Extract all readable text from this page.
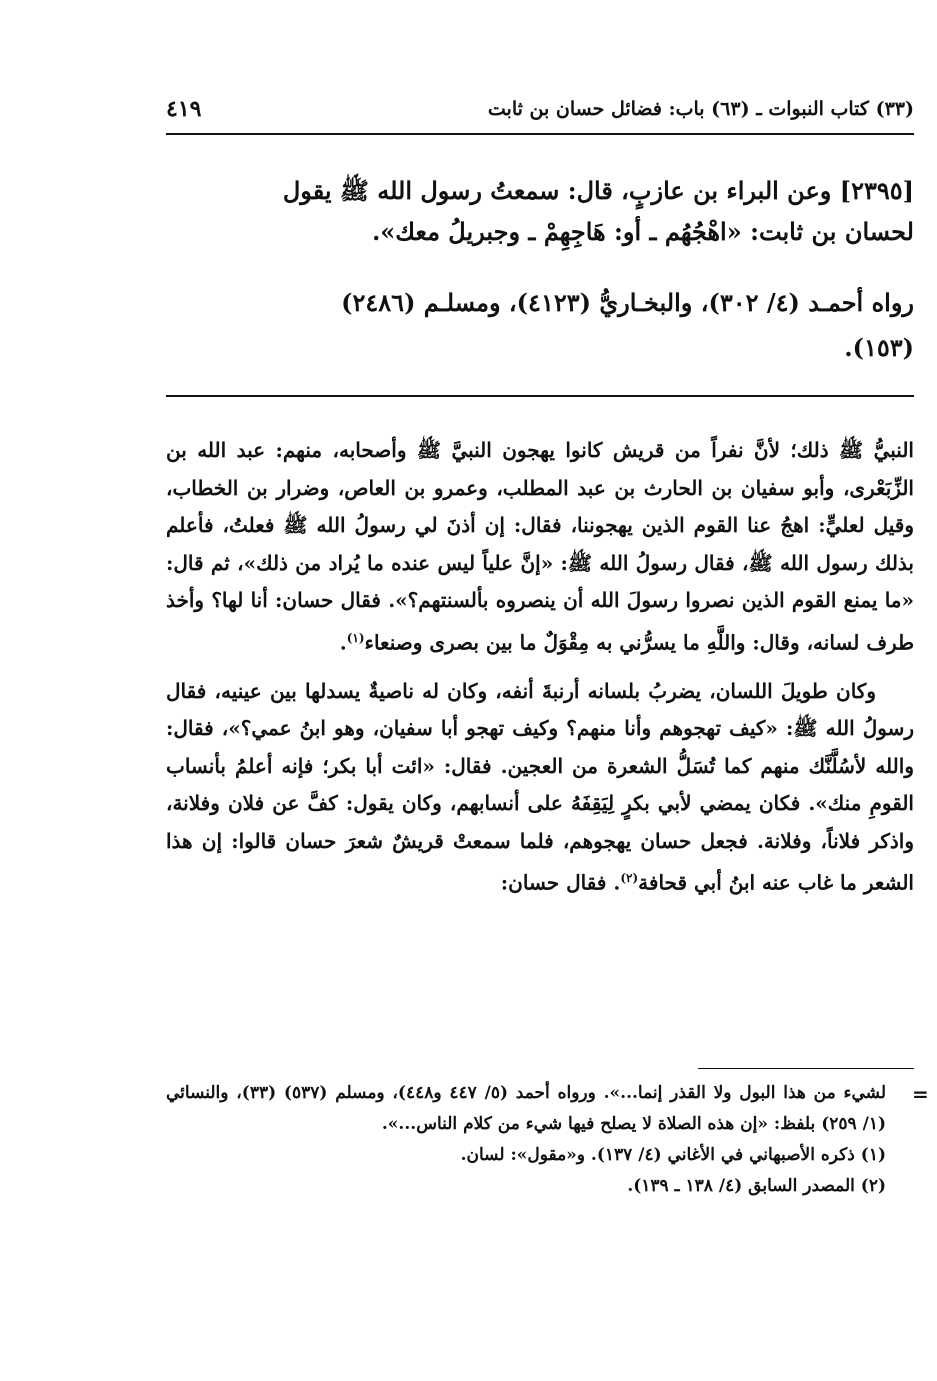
(٣٣) كتاب النبوات ـ (٦٣) باب: فضائل حسان بن ثابت
٤١٩
[٢٣٩٥] وعن البراء بن عازبٍ، قال: سمعتُ رسول الله ﷺ يقول
لحسان بن ثابت: «اهْجُهُم ـ أو: هَاجِهِمْ ـ وجبريلُ معك».
رواه أحمـد (٤/ ٣٠٢)، والبخـاريُّ (٤١٢٣)، ومسلـم (٢٤٨٦)
(١٥٣).

النبيُّ ﷺ ذلك؛ لأنَّ نفراً من قريش كانوا يهجون النبيَّ ﷺ وأصحابه، منهم: عبد الله بن الزِّبَعْرى، وأبو سفيان بن الحارث بن عبد المطلب، وعمرو بن العاص، وضرار بن الخطاب، وقيل لعليٍّ: اهجُ عنا القوم الذين يهجوننا، فقال: إن أذنَ لي رسولُ الله ﷺ فعلتُ، فأعلم بذلك رسول الله ﷺ، فقال رسولُ الله ﷺ: «إنَّ علياً ليس عنده ما يُراد من ذلك»، ثم قال: «ما يمنع القوم الذين نصروا رسولَ الله أن ينصروه بألسنتهم؟». فقال حسان: أنا لها؟ وأخذ طرف لسانه، وقال: واللَّهِ ما يسرُّني به مِقْوَلٌ ما بين بصرى وصنعاء$^{(١)}$.

وكان طويلَ اللسان، يضربُ بلسانه أرنبةَ أنفه، وكان له ناصيةٌ يسدلها بين عينيه، فقال رسولُ الله ﷺ: «كيف تهجوهم وأنا منهم؟ وكيف تهجو أبا سفيان، وهو ابنُ عمي؟»، فقال: والله لأسُلَّنَّك منهم كما تُسَلُّ الشعرة من العجين. فقال: «ائت أبا بكر؛ فإنه أعلمُ بأنساب القومِ منك». فكان يمضي لأبي بكرٍ لِيَقِفَهُ على أنسابهم، وكان يقول: كفَّ عن فلان وفلانة، واذكر فلاناً، وفلانة. فجعل حسان يهجوهم، فلما سمعتْ قريشٌ شعرَ حسان قالوا: إن هذا الشعر ما غاب عنه ابنُ أبي قحافة$^{(٢)}$. فقال حسان:

=

لشيء من هذا البول ولا القذر إنما...». ورواه أحمد (٥/ ٤٤٧ و٤٤٨)، ومسلم (٥٣٧) (٣٣)، والنسائي (١/ ٢٥٩) بلفظ: «إن هذه الصلاة لا يصلح فيها شيء من كلام الناس...».

(١) ذكره الأصبهاني في الأغاني (٤/ ١٣٧). و«مقول»: لسان.

(٢) المصدر السابق (٤/ ١٣٨ ـ ١٣٩).
